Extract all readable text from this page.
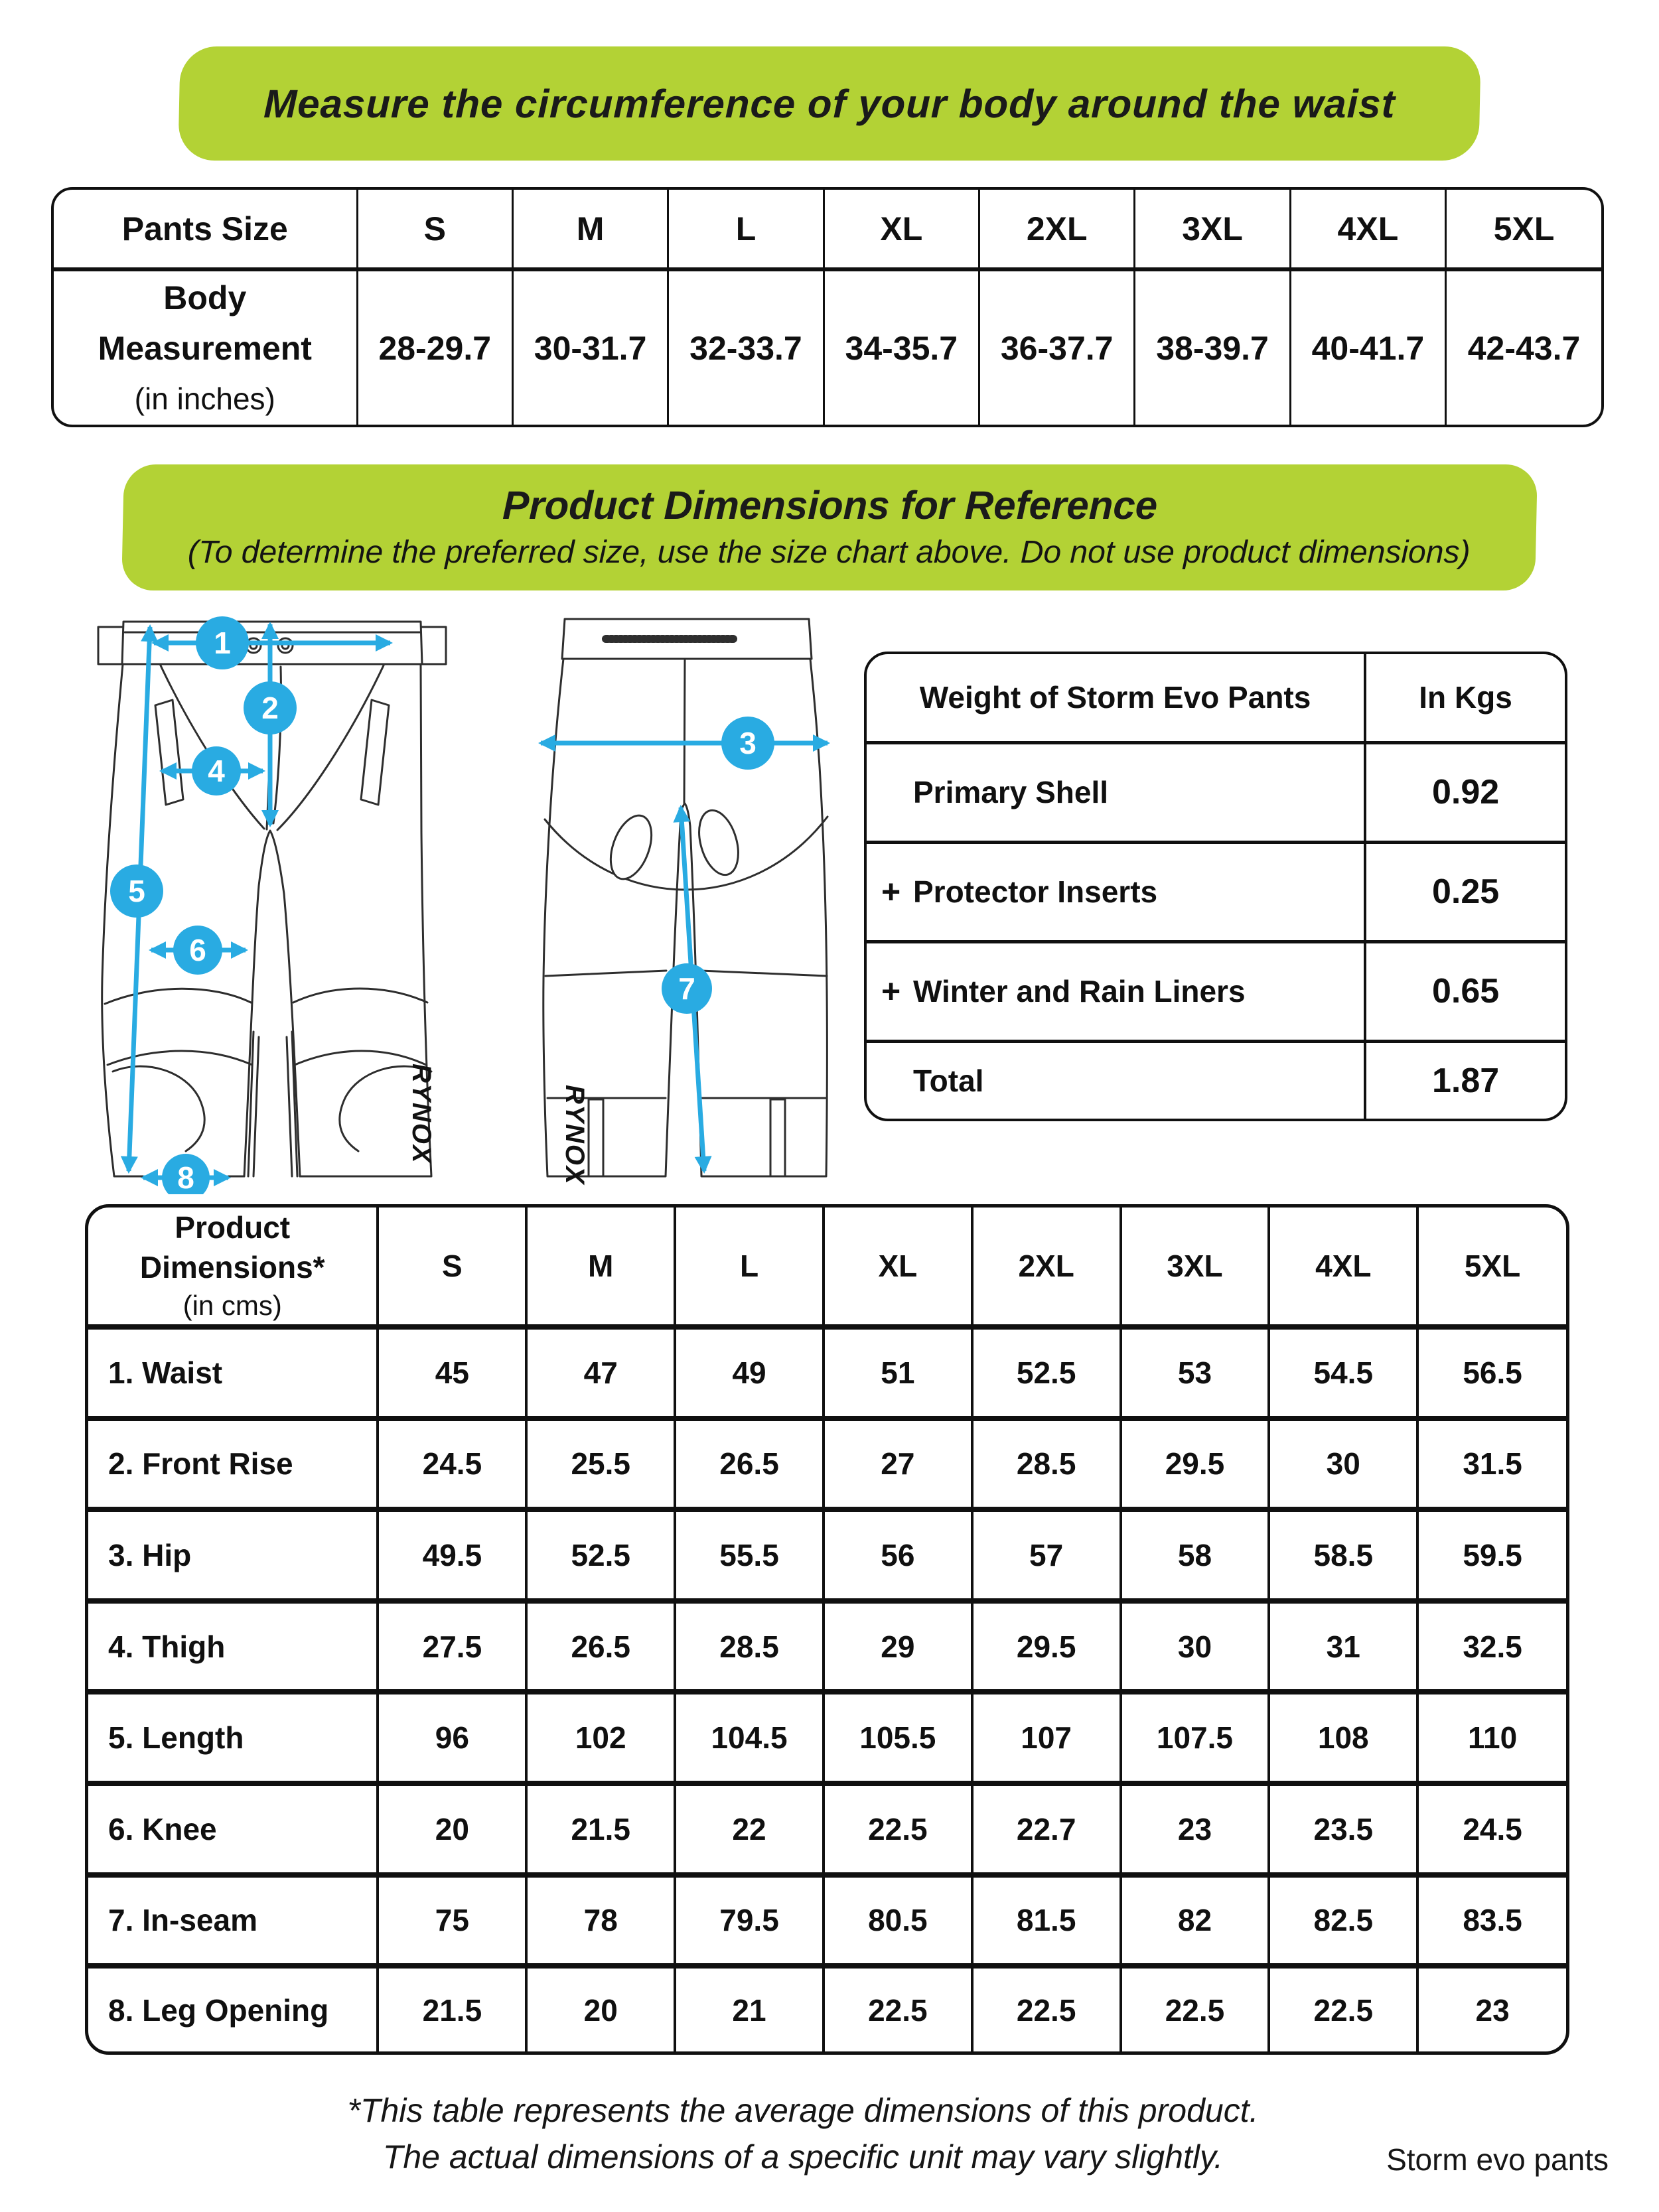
Measure the circumference of your body around the waist
Pants Size	S	M	L	XL	2XL	3XL	4XL	5XL

Body
Measurement
(in inches)	28-29.7	30-31.7	32-33.7	34-35.7	36-37.7	38-39.7	40-41.7	42-43.7
Product Dimensions for Reference
(To determine the preferred size, use the size chart above. Do not use product dimensions)
RYNOX
1
2
4
5
6
8	RYNOX
3
7
Weight of Storm Evo Pants	In Kgs

Primary Shell	0.92

+ Protector Inserts	0.25

+ Winter and Rain Liners	0.65

Total	1.87
Product Dimensions*
(in cms)	S	M	L	XL	2XL	3XL	4XL	5XL
1. Waist	45	47	49	51	52.5	53	54.5	56.5
2. Front Rise	24.5	25.5	26.5	27	28.5	29.5	30	31.5
3. Hip	49.5	52.5	55.5	56	57	58	58.5	59.5
4. Thigh	27.5	26.5	28.5	29	29.5	30	31	32.5
5. Length	96	102	104.5	105.5	107	107.5	108	110
6. Knee	20	21.5	22	22.5	22.7	23	23.5	24.5
7. In-seam	75	78	79.5	80.5	81.5	82	82.5	83.5
8. Leg Opening	21.5	20	21	22.5	22.5	22.5	22.5	23
*This table represents the average dimensions of this product.
The actual dimensions of a specific unit may vary slightly.	Storm evo pants
